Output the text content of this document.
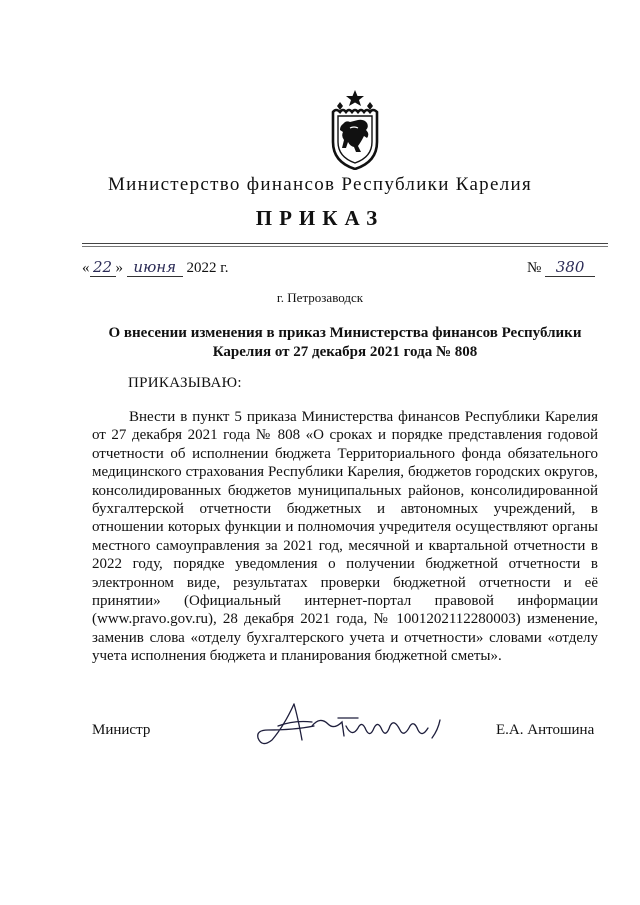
Министерство финансов Республики Карелия
ПРИКАЗ
« 22 » июня 2022 г.	№ 380
г. Петрозаводск
О внесении изменения в приказ Министерства финансов Республики Карелия от 27 декабря 2021 года № 808
ПРИКАЗЫВАЮ:

Внести в пункт 5 приказа Министерства финансов Республики Карелия от 27 декабря 2021 года № 808 «О сроках и порядке представления годовой отчетности об исполнении бюджета Территориального фонда обязательного медицинского страхования Республики Карелия, бюджетов городских округов, консолидированных бюджетов муниципальных районов, консолидированной бухгалтерской отчетности бюджетных и автономных учреждений, в отношении которых функции и полномочия учредителя осуществляют органы местного самоуправления за 2021 год, месячной и квартальной отчетности в 2022 году, порядке уведомления о получении бюджетной отчетности в электронном виде, результатах проверки бюджетной отчетности и её принятии» (Официальный интернет-портал правовой информации (www.pravo.gov.ru), 28 декабря 2021 года, № 1001202112280003) изменение, заменив слова «отделу бухгалтерского учета и отчетности» словами «отделу учета исполнения бюджета и планирования бюджетной сметы».

Министр	Е.А. Антошина
